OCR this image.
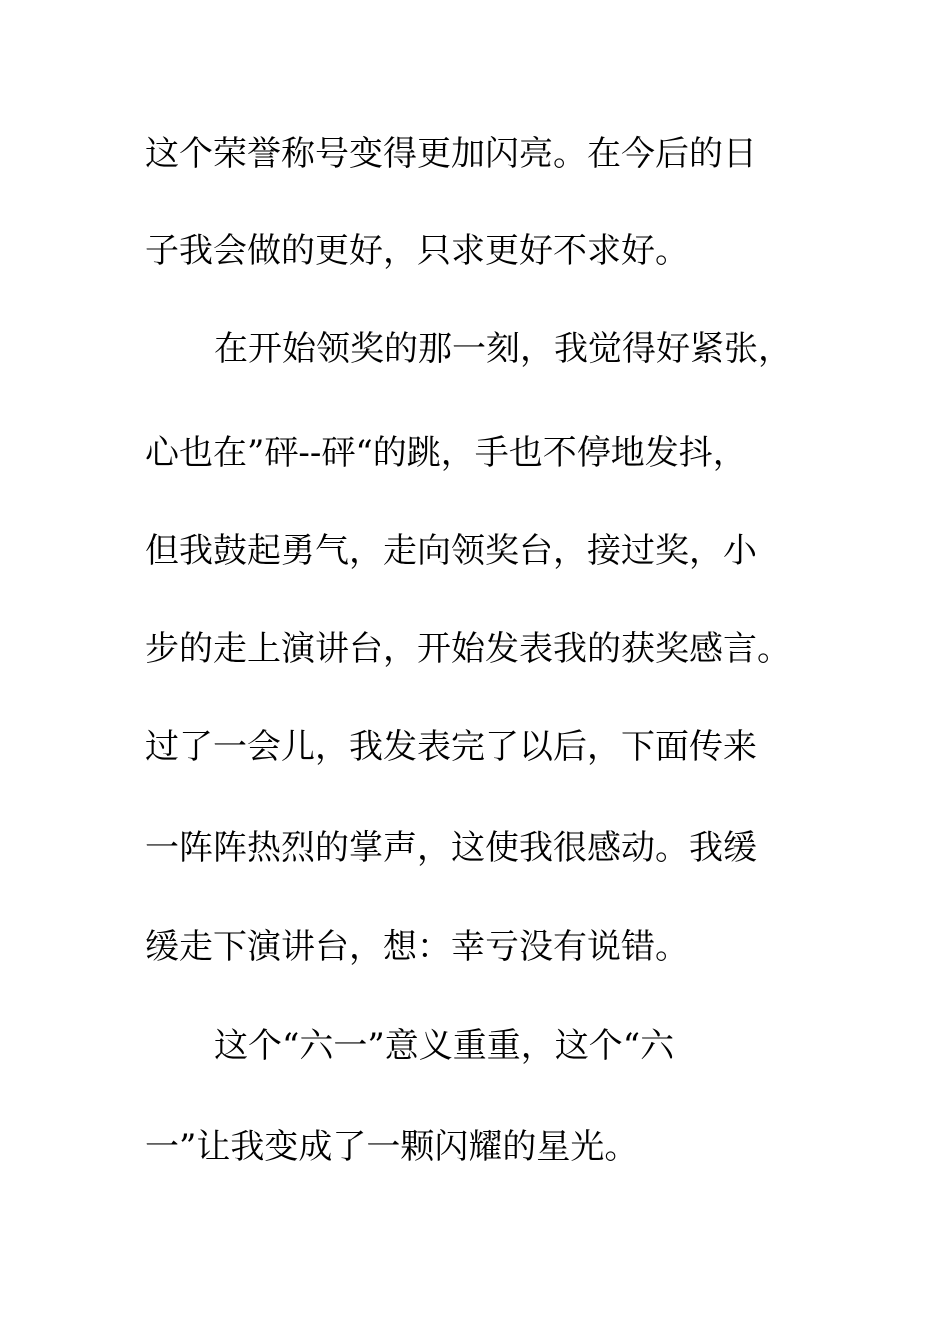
这个荣誉称号变得更加闪亮。在今后的日
子我会做的更好，只求更好不求好。
在开始领奖的那一刻，我觉得好紧张，
心也在”砰--砰“的跳，手也不停地发抖，
但我鼓起勇气，走向领奖台，接过奖，小
步的走上演讲台，开始发表我的获奖感言。
过了一会儿，我发表完了以后，下面传来
一阵阵热烈的掌声，这使我很感动。我缓
缓走下演讲台，想：幸亏没有说错。
这个“六一”意义重重，这个“六
一”让我变成了一颗闪耀的星光。
